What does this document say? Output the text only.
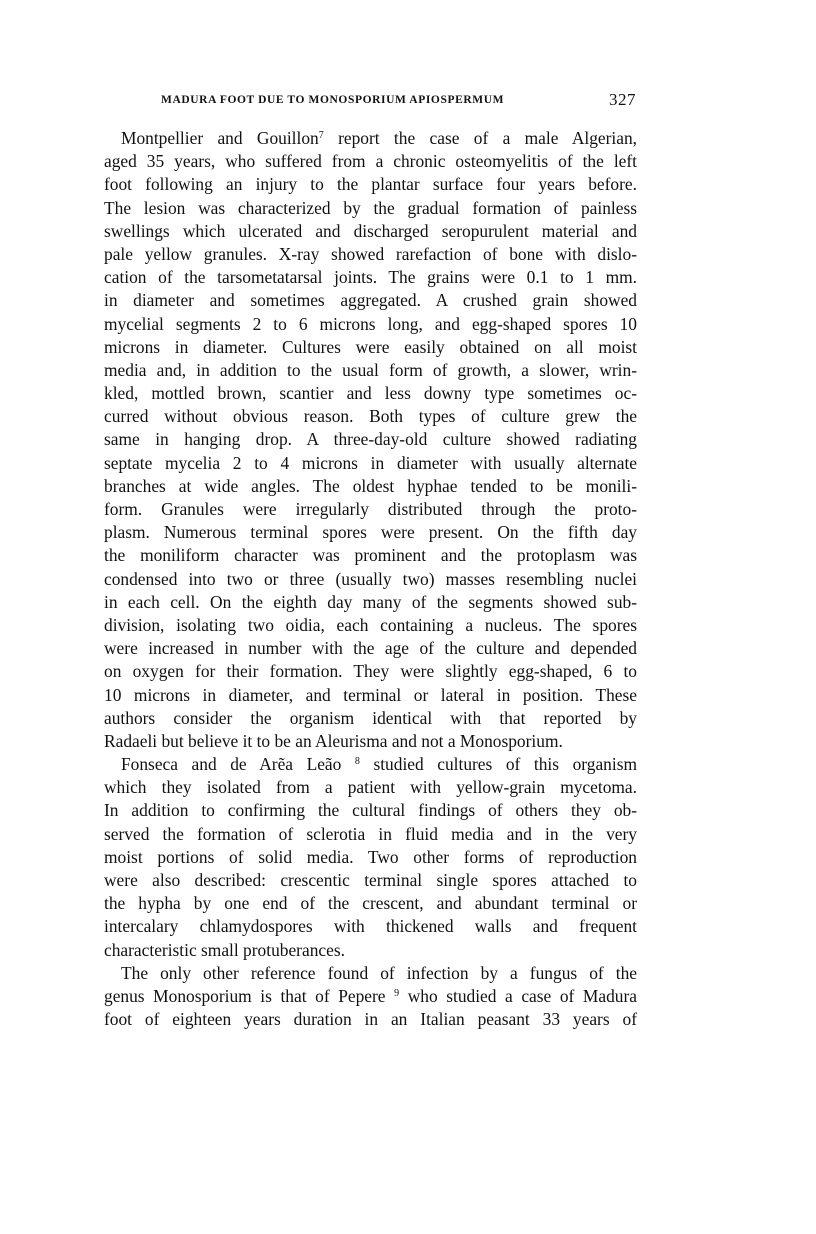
MADURA FOOT DUE TO MONOSPORIUM APIOSPERMUM	327
Montpellier and Gouillon$^7$ report the case of a male Algerian,
aged 35 years, who suffered from a chronic osteomyelitis of the left
foot following an injury to the plantar surface four years before.
The lesion was characterized by the gradual formation of painless
swellings which ulcerated and discharged seropurulent material and
pale yellow granules. X-ray showed rarefaction of bone with dislo-
cation of the tarsometatarsal joints. The grains were 0.1 to 1 mm.
in diameter and sometimes aggregated. A crushed grain showed
mycelial segments 2 to 6 microns long, and egg-shaped spores 10
microns in diameter. Cultures were easily obtained on all moist
media and, in addition to the usual form of growth, a slower, wrin-
kled, mottled brown, scantier and less downy type sometimes oc-
curred without obvious reason. Both types of culture grew the
same in hanging drop. A three-day-old culture showed radiating
septate mycelia 2 to 4 microns in diameter with usually alternate
branches at wide angles. The oldest hyphae tended to be monili-
form. Granules were irregularly distributed through the proto-
plasm. Numerous terminal spores were present. On the fifth day
the moniliform character was prominent and the protoplasm was
condensed into two or three (usually two) masses resembling nuclei
in each cell. On the eighth day many of the segments showed sub-
division, isolating two oidia, each containing a nucleus. The spores
were increased in number with the age of the culture and depended
on oxygen for their formation. They were slightly egg-shaped, 6 to
10 microns in diameter, and terminal or lateral in position. These
authors consider the organism identical with that reported by
Radaeli but believe it to be an Aleurisma and not a Monosporium.
Fonseca and de Arẽa Leão $^8$ studied cultures of this organism
which they isolated from a patient with yellow-grain mycetoma.
In addition to confirming the cultural findings of others they ob-
served the formation of sclerotia in fluid media and in the very
moist portions of solid media. Two other forms of reproduction
were also described: crescentic terminal single spores attached to
the hypha by one end of the crescent, and abundant terminal or
intercalary chlamydospores with thickened walls and frequent
characteristic small protuberances.
The only other reference found of infection by a fungus of the
genus Monosporium is that of Pepere $^9$ who studied a case of Madura
foot of eighteen years duration in an Italian peasant 33 years of
